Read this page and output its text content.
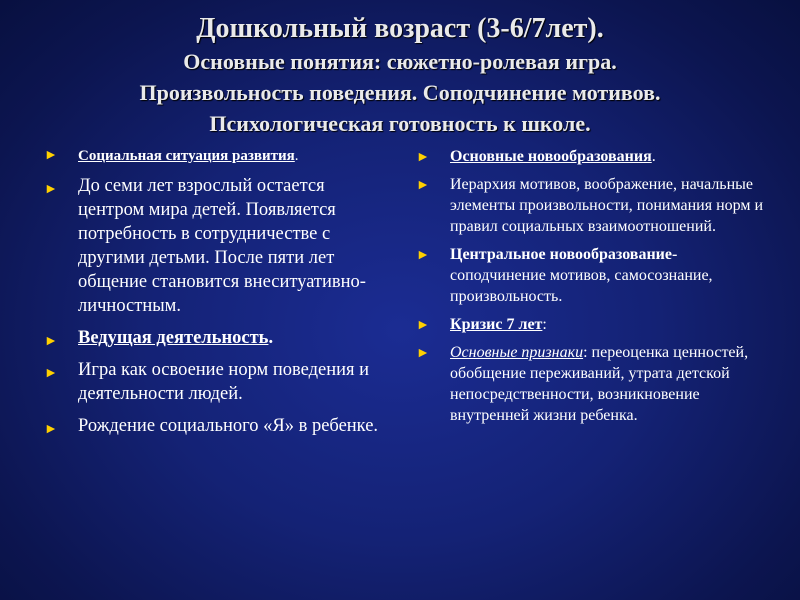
Дошкольный возраст (3-6/7лет).
Основные понятия: сюжетно-ролевая игра.
Произвольность поведения. Соподчинение мотивов.
Психологическая готовность к школе.
► Социальная ситуация развития.
► До семи лет взрослый остается центром мира детей. Появляется потребность в сотрудничестве с другими детьми. После пяти лет общение становится внеситуативно-личностным.
► Ведущая деятельность.
► Игра как освоение норм поведения и деятельности людей.
► Рождение социального «Я» в ребенке.
► Основные новообразования.
► Иерархия мотивов, воображение, начальные элементы произвольности, понимания норм и правил социальных взаимоотношений.
► Центральное новообразование- соподчинение мотивов, самосознание, произвольность.
► Кризис 7 лет:
► Основные признаки: переоценка ценностей, обобщение переживаний, утрата детской непосредственности, возникновение внутренней жизни ребенка.
